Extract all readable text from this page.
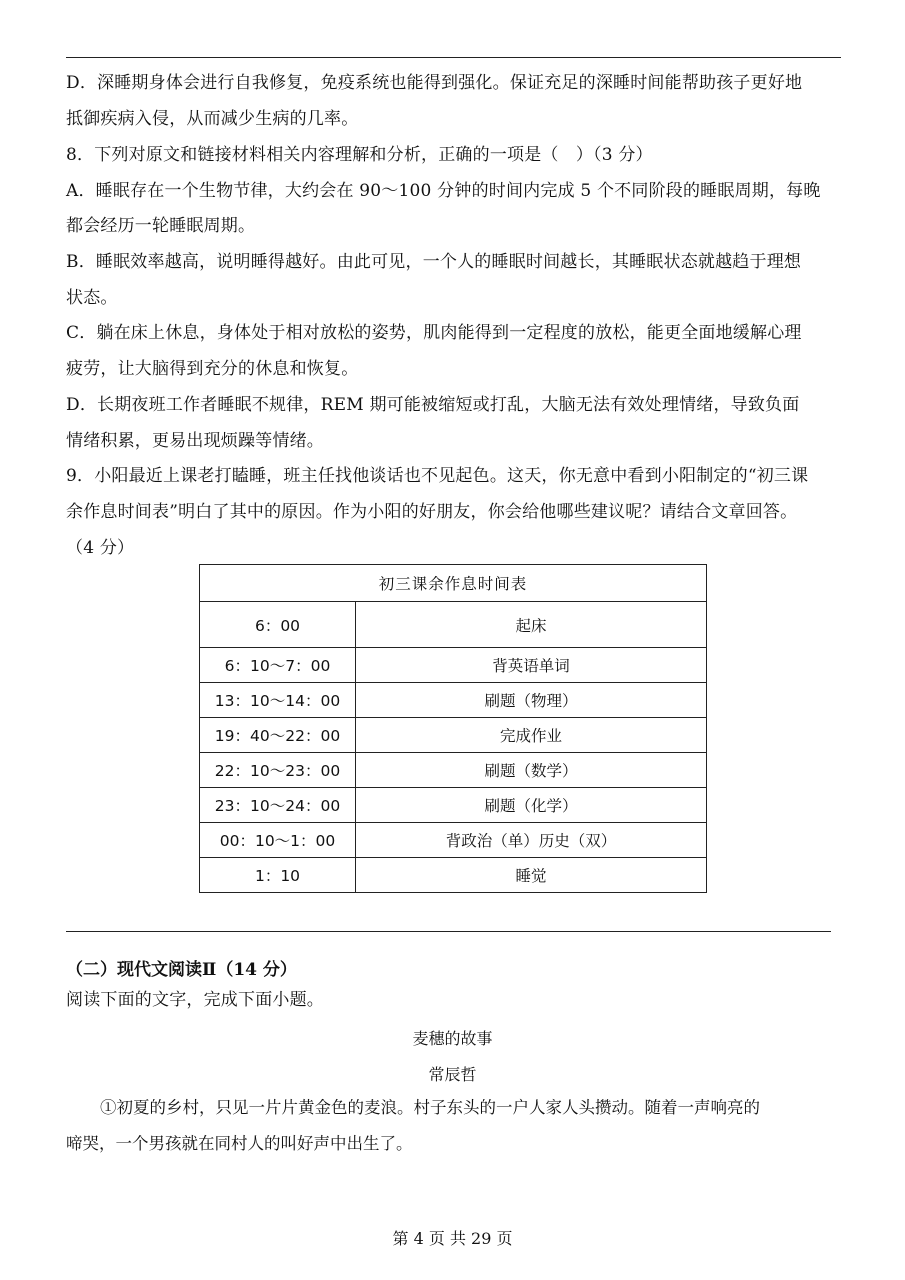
D．深睡期身体会进行自我修复，免疫系统也能得到强化。保证充足的深睡时间能帮助孩子更好地
抵御疾病入侵，从而减少生病的几率。
8．下列对原文和链接材料相关内容理解和分析，正确的一项是（　）（3 分）
A．睡眠存在一个生物节律，大约会在 90～100 分钟的时间内完成 5 个不同阶段的睡眠周期，每晚
都会经历一轮睡眠周期。
B．睡眠效率越高，说明睡得越好。由此可见，一个人的睡眠时间越长，其睡眠状态就越趋于理想
状态。
C．躺在床上休息，身体处于相对放松的姿势，肌肉能得到一定程度的放松，能更全面地缓解心理
疲劳，让大脑得到充分的休息和恢复。
D．长期夜班工作者睡眠不规律，REM 期可能被缩短或打乱，大脑无法有效处理情绪，导致负面
情绪积累，更易出现烦躁等情绪。
9．小阳最近上课老打瞌睡，班主任找他谈话也不见起色。这天，你无意中看到小阳制定的“初三课
余作息时间表”明白了其中的原因。作为小阳的好朋友，你会给他哪些建议呢？请结合文章回答。
（4 分）
初三课余作息时间表	
6：00	起床
6：10～7：00	背英语单词
13：10～14：00	刷题（物理）
19：40～22：00	完成作业
22：10～23：00	刷题（数学）
23：10～24：00	刷题（化学）
00：10～1：00	背政治（单）历史（双）
1：10	睡觉
（二）现代文阅读Ⅱ（14 分）
阅读下面的文字，完成下面小题。
麦穗的故事
常辰哲
①初夏的乡村，只见一片片黄金色的麦浪。村子东头的一户人家人头攒动。随着一声响亮的
啼哭，一个男孩就在同村人的叫好声中出生了。
第 4 页 共 29 页
